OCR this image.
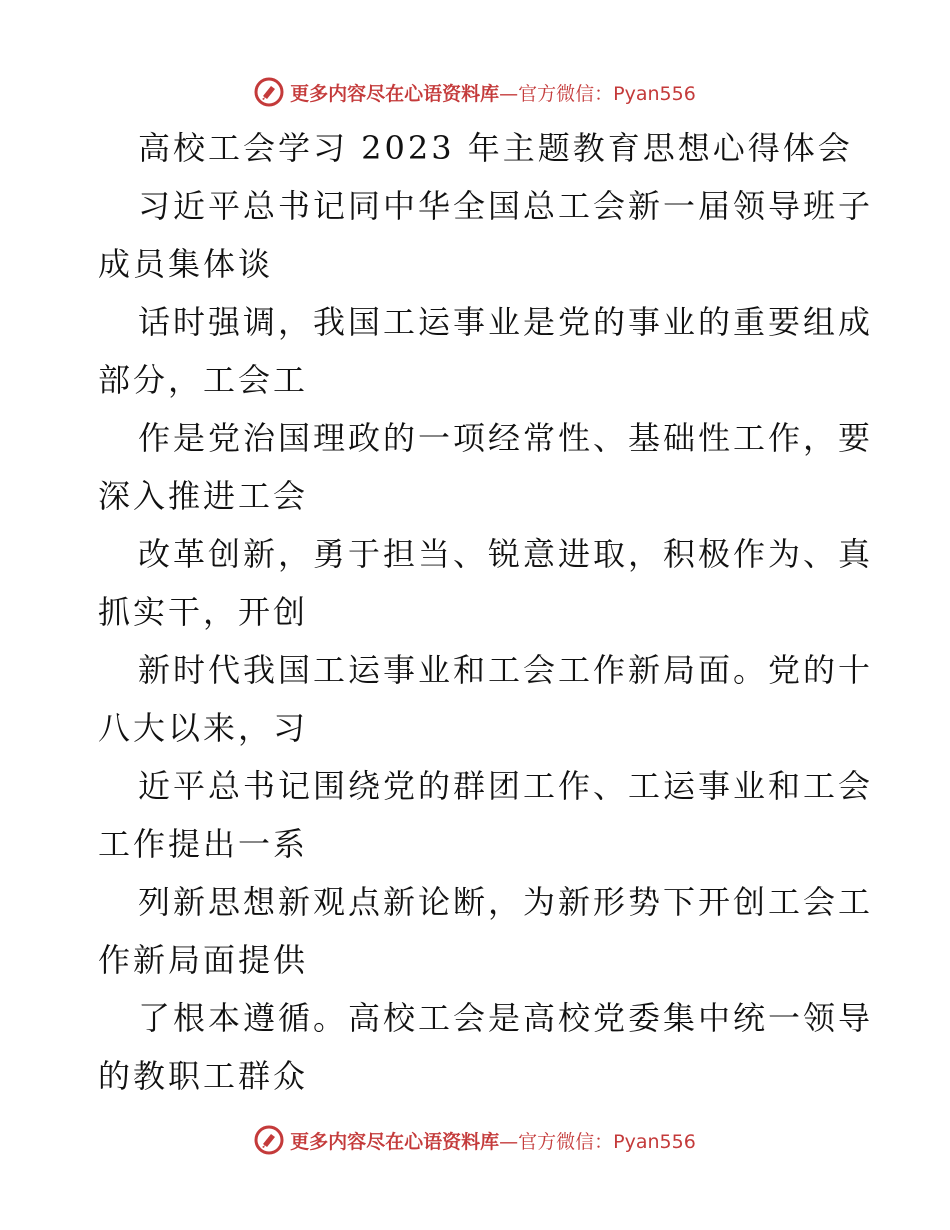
更多内容尽在心语资料库—官方微信：Pyan556
高校工会学习 2023 年主题教育思想心得体会
习近平总书记同中华全国总工会新一届领导班子
成员集体谈
话时强调，我国工运事业是党的事业的重要组成
部分，工会工
作是党治国理政的一项经常性、基础性工作，要
深入推进工会
改革创新，勇于担当、锐意进取，积极作为、真
抓实干，开创
新时代我国工运事业和工会工作新局面。党的十
八大以来，习
近平总书记围绕党的群团工作、工运事业和工会
工作提出一系
列新思想新观点新论断，为新形势下开创工会工
作新局面提供
了根本遵循。高校工会是高校党委集中统一领导
的教职工群众
更多内容尽在心语资料库—官方微信：Pyan556
